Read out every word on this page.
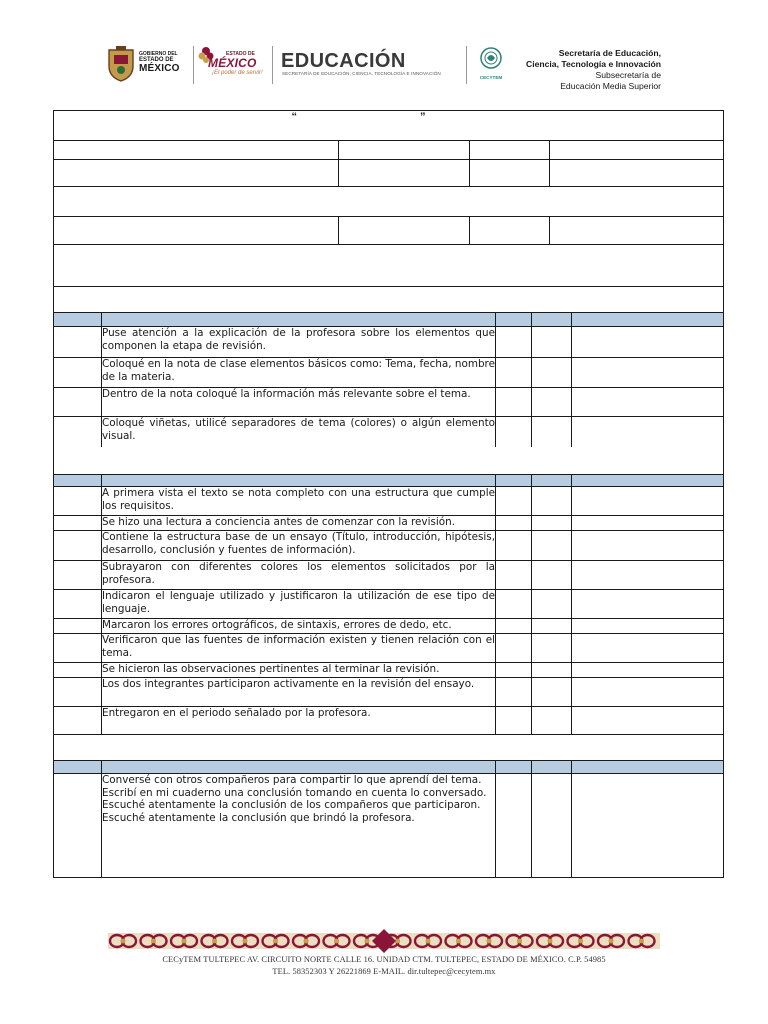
GOBIERNO DEL
ESTADO DE
MÉXICO
ESTADO DE
MÉXICO
¡El poder de servir!
EDUCACIÓN
SECRETARÍA DE EDUCACIÓN, CIENCIA, TECNOLOGÍA E INNOVACIÓN
CECYTEM
Secretaría de Educación,
Ciencia, Tecnología e Innovación
Subsecretaría de
Educación Media Superior
“ ”			

	Puse atención a la explicación de la profesora sobre los elementos que componen la etapa de revisión.			
	Coloqué en la nota de clase elementos básicos como: Tema, fecha, nombre de la materia.			
	Dentro de la nota coloqué la información más relevante sobre el tema.			
	Coloqué viñetas, utilicé separadores de tema (colores) o algún elemento visual.			

	A primera vista el texto se nota completo con una estructura que cumple los requisitos.			
	Se hizo una lectura a conciencia antes de comenzar con la revisión.			
	Contiene la estructura base de un ensayo (Título, introducción, hipótesis, desarrollo, conclusión y fuentes de información).			
	Subrayaron con diferentes colores los elementos solicitados por la profesora.			
	Indicaron el lenguaje utilizado y justificaron la utilización de ese tipo de lenguaje.			
	Marcaron los errores ortográficos, de sintaxis, errores de dedo, etc.			
	Verificaron que las fuentes de información existen y tienen relación con el tema.			
	Se hicieron las observaciones pertinentes al terminar la revisión.			
	Los dos integrantes participaron activamente en la revisión del ensayo.			
	Entregaron en el periodo señalado por la profesora.			

	Conversé con otros compañeros para compartir lo que aprendí del tema.
Escribí en mi cuaderno una conclusión tomando en cuenta lo conversado.
Escuché atentamente la conclusión de los compañeros que participaron.
Escuché atentamente la conclusión que brindó la profesora.			

CECyTEM TULTEPEC AV. CIRCUITO NORTE CALLE 16. UNIDAD CTM. TULTEPEC, ESTADO DE MÉXICO. C.P. 54985
TEL. 58352303 Y 26221869 E-MAIL. dir.tultepec@cecytem.mx
